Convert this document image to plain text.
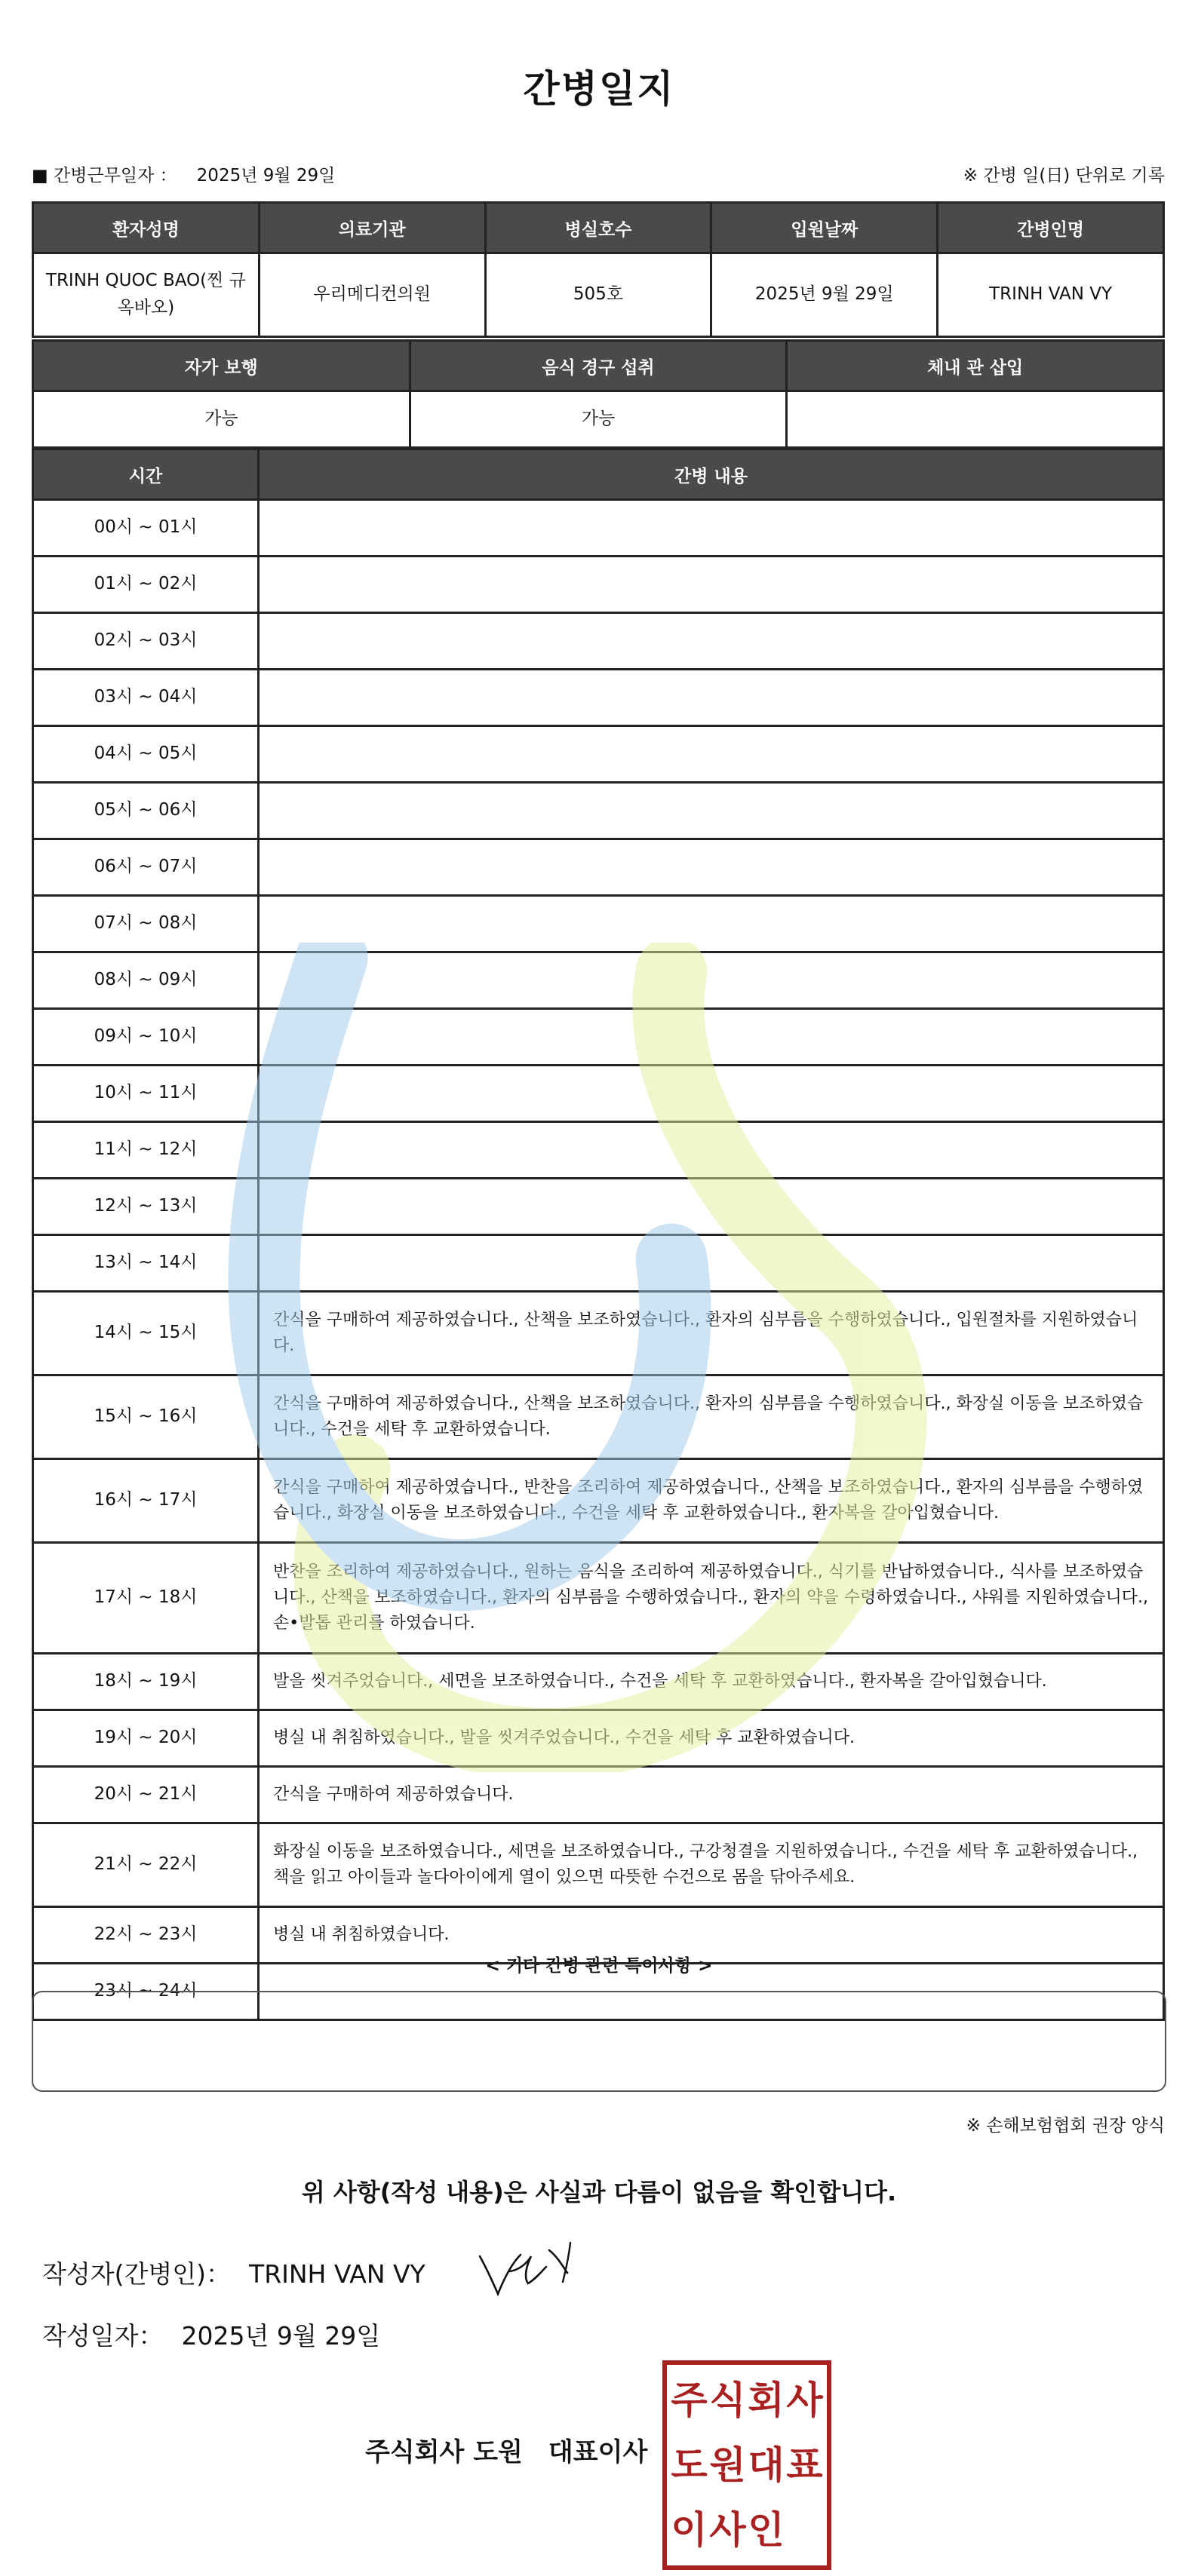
간병일지
■ 간병근무일자 ： 2025년 9월 29일	※ 간병 일(日) 단위로 기록
환자성명	의료기관	병실호수	입원날짜	간병인명
TRINH QUOC BAO(찐 규옥바오)	우리메디컨의원	505호	2025년 9월 29일	TRINH VAN VY
자가 보행	음식 경구 섭취	체내 관 삽입
가능	가능	
시간	간병 내용
00시 ~ 01시	
01시 ~ 02시	
02시 ~ 03시	
03시 ~ 04시	
04시 ~ 05시	
05시 ~ 06시	
06시 ~ 07시	
07시 ~ 08시	
08시 ~ 09시	
09시 ~ 10시	
10시 ~ 11시	
11시 ~ 12시	
12시 ~ 13시	
13시 ~ 14시	
14시 ~ 15시	간식을 구매하여 제공하였습니다., 산책을 보조하였습니다., 환자의 심부름을 수행하였습니다., 입원절차를 지원하였습니다.
15시 ~ 16시	간식을 구매하여 제공하였습니다., 산책을 보조하였습니다., 환자의 심부름을 수행하였습니다., 화장실 이동을 보조하였습니다., 수건을 세탁 후 교환하였습니다.
16시 ~ 17시	간식을 구매하여 제공하였습니다., 반찬을 조리하여 제공하였습니다., 산책을 보조하였습니다., 환자의 심부름을 수행하였습니다., 화장실 이동을 보조하였습니다., 수건을 세탁 후 교환하였습니다., 환자복을 갈아입혔습니다.
17시 ~ 18시	반찬을 조리하여 제공하였습니다., 원하는 음식을 조리하여 제공하였습니다., 식기를 반납하였습니다., 식사를 보조하였습니다., 산책을 보조하였습니다., 환자의 심부름을 수행하였습니다., 환자의 약을 수령하였습니다., 샤워를 지원하였습니다., 손•발톱 관리를 하였습니다.
18시 ~ 19시	발을 씻겨주었습니다., 세면을 보조하였습니다., 수건을 세탁 후 교환하였습니다., 환자복을 갈아입혔습니다.
19시 ~ 20시	병실 내 취침하였습니다., 발을 씻겨주었습니다., 수건을 세탁 후 교환하였습니다.
20시 ~ 21시	간식을 구매하여 제공하였습니다.
21시 ~ 22시	화장실 이동을 보조하였습니다., 세면을 보조하였습니다., 구강청결을 지원하였습니다., 수건을 세탁 후 교환하였습니다., 책을 읽고 아이들과 놀다아이에게 열이 있으면 따뜻한 수건으로 몸을 닦아주세요.
22시 ~ 23시	병실 내 취침하였습니다.
23시 ~ 24시	
< 기타 간병 관련 특이사항 >
※ 손해보험협회 권장 양식
위 사항(작성 내용)은 사실과 다름이 없음을 확인합니다.
작성자(간병인)： TRINH VAN VY
작성일자： 2025년 9월 29일
주식회사 도원 대표이사
주 식 회 사
도 원 대 표
이 사 인
